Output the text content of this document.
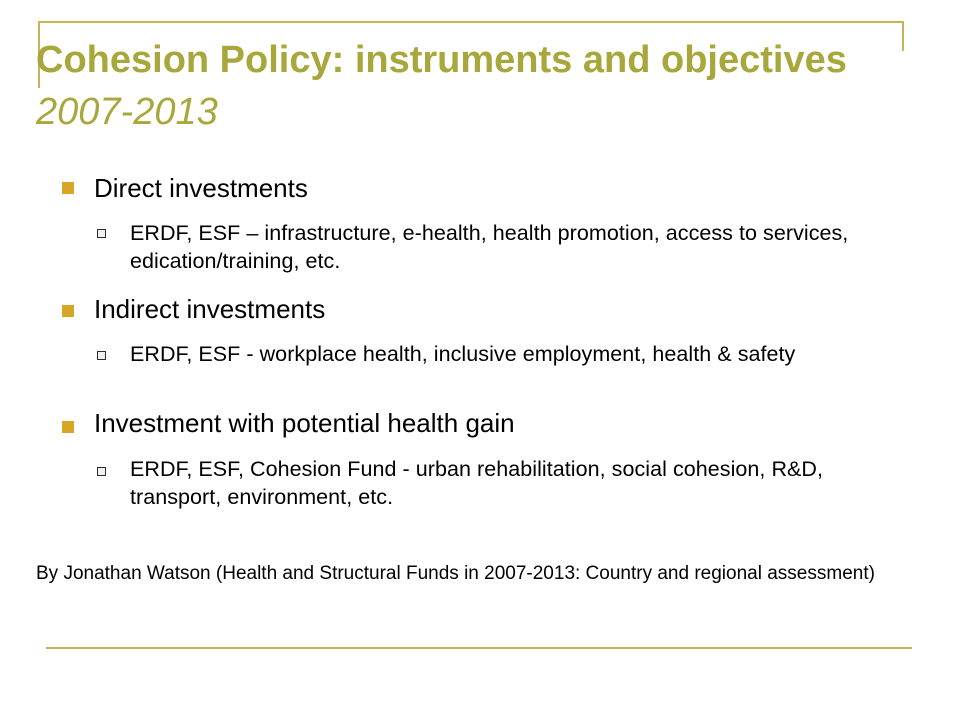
Cohesion Policy: instruments and objectives 2007-2013
Direct investments
ERDF, ESF – infrastructure, e-health, health promotion, access to services, edication/training, etc.
Indirect investments
ERDF, ESF - workplace health, inclusive employment, health & safety
Investment with potential health gain
ERDF, ESF, Cohesion Fund - urban rehabilitation, social cohesion, R&D, transport, environment, etc.
By Jonathan Watson (Health and Structural Funds in 2007-2013: Country and regional assessment)
